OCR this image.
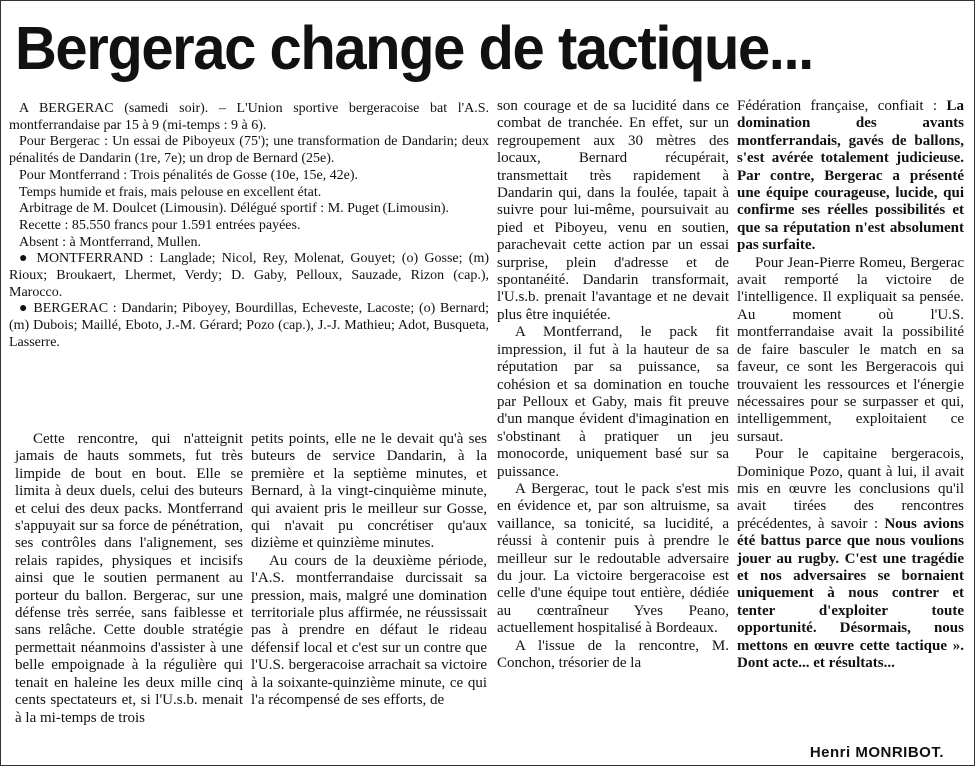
Bergerac change de tactique...

A BERGERAC (samedi soir). – L'Union sportive bergeracoise bat l'A.S. montferrandaise par 15 à 9 (mi-temps : 9 à 6).

Pour Bergerac : Un essai de Piboyeux (75'); une transformation de Dandarin; deux pénalités de Dandarin (1re, 7e); un drop de Bernard (25e).

Pour Montferrand : Trois pénalités de Gosse (10e, 15e, 42e).

Temps humide et frais, mais pelouse en excellent état.

Arbitrage de M. Doulcet (Limousin). Délégué sportif : M. Puget (Limousin).

Recette : 85.550 francs pour 1.591 entrées payées.

Absent : à Montferrand, Mullen.

● MONTFERRAND : Langlade; Nicol, Rey, Molenat, Gouyet; (o) Gosse; (m) Rioux; Broukaert, Lhermet, Verdy; D. Gaby, Pelloux, Sauzade, Rizon (cap.), Marocco.

● BERGERAC : Dandarin; Piboyey, Bourdillas, Echeveste, Lacoste; (o) Bernard; (m) Dubois; Maillé, Eboto, J.-M. Gérard; Pozo (cap.), J.-J. Mathieu; Adot, Busqueta, Lasserre.

Cette rencontre, qui n'atteignit jamais de hauts sommets, fut très limpide de bout en bout. Elle se limita à deux duels, celui des buteurs et celui des deux packs. Montferrand s'appuyait sur sa force de pénétration, ses contrôles dans l'alignement, ses relais rapides, physiques et incisifs ainsi que le soutien permanent au porteur du ballon. Bergerac, sur une défense très serrée, sans faiblesse et sans relâche. Cette double stratégie permettait néanmoins d'assister à une belle empoignade à la régulière qui tenait en haleine les deux mille cinq cents spectateurs et, si l'U.s.b. menait à la mi-temps de trois

petits points, elle ne le devait qu'à ses buteurs de service Dandarin, à la première et la septième minutes, et Bernard, à la vingt-cinquième minute, qui avaient pris le meilleur sur Gosse, qui n'avait pu concrétiser qu'aux dizième et quinzième minutes.

Au cours de la deuxième période, l'A.S. montferrandaise durcissait sa pression, mais, malgré une domination territoriale plus affirmée, ne réussissait pas à prendre en défaut le rideau défensif local et c'est sur un contre que l'U.S. bergeracoise arrachait sa victoire à la soixante-quinzième minute, ce qui l'a récompensé de ses efforts, de

son courage et de sa lucidité dans ce combat de tranchée. En effet, sur un regroupement aux 30 mètres des locaux, Bernard récupérait, transmettait très rapidement à Dandarin qui, dans la foulée, tapait à suivre pour lui-même, poursuivait au pied et Piboyeu, venu en soutien, parachevait cette action par un essai surprise, plein d'adresse et de spontanéité. Dandarin transformait, l'U.s.b. prenait l'avantage et ne devait plus être inquiétée.

A Montferrand, le pack fit impression, il fut à la hauteur de sa réputation par sa puissance, sa cohésion et sa domination en touche par Pelloux et Gaby, mais fit preuve d'un manque évident d'imagination en s'obstinant à pratiquer un jeu monocorde, uniquement basé sur sa puissance.

A Bergerac, tout le pack s'est mis en évidence et, par son altruisme, sa vaillance, sa tonicité, sa lucidité, a réussi à contenir puis à prendre le meilleur sur le redoutable adversaire du jour. La victoire bergeracoise est celle d'une équipe tout entière, dédiée au cœntraîneur Yves Peano, actuellement hospitalisé à Bordeaux.

A l'issue de la rencontre, M. Conchon, trésorier de la

Fédération française, confiait : La domination des avants montferrandais, gavés de ballons, s'est avérée totalement judicieuse. Par contre, Bergerac a présenté une équipe courageuse, lucide, qui confirme ses réelles possibilités et que sa réputation n'est absolument pas surfaite.

Pour Jean-Pierre Romeu, Bergerac avait remporté la victoire de l'intelligence. Il expliquait sa pensée. Au moment où l'U.S. montferrandaise avait la possibilité de faire basculer le match en sa faveur, ce sont les Bergeracois qui trouvaient les ressources et l'énergie nécessaires pour se surpasser et qui, intelligemment, exploitaient ce sursaut.

Pour le capitaine bergeracois, Dominique Pozo, quant à lui, il avait mis en œuvre les conclusions qu'il avait tirées des rencontres précédentes, à savoir : Nous avions été battus parce que nous voulions jouer au rugby. C'est une tragédie et nos adversaires se bornaient uniquement à nous contrer et tenter d'exploiter toute opportunité. Désormais, nous mettons en œuvre cette tactique ». Dont acte... et résultats...

Henri MONRIBOT.
